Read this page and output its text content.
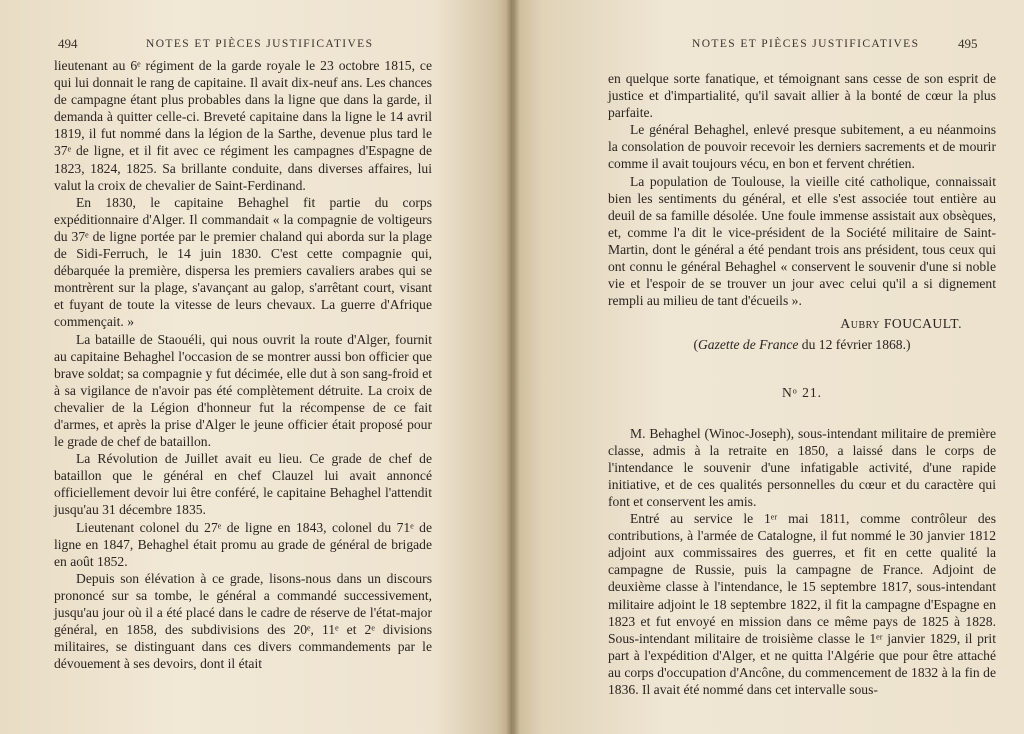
494	NOTES ET PIÈCES JUSTIFICATIVES

lieutenant au 6ᵉ régiment de la garde royale le 23 octobre 1815, ce qui lui donnait le rang de capitaine. Il avait dix-neuf ans. Les chances de campagne étant plus probables dans la ligne que dans la garde, il demanda à quitter celle-ci. Breveté capitaine dans la ligne le 14 avril 1819, il fut nommé dans la légion de la Sarthe, devenue plus tard le 37ᵉ de ligne, et il fit avec ce régiment les campagnes d'Espagne de 1823, 1824, 1825. Sa brillante conduite, dans diverses affaires, lui valut la croix de chevalier de Saint-Ferdinand.

En 1830, le capitaine Behaghel fit partie du corps expéditionnaire d'Alger. Il commandait « la compagnie de voltigeurs du 37ᵉ de ligne portée par le premier chaland qui aborda sur la plage de Sidi-Ferruch, le 14 juin 1830. C'est cette compagnie qui, débarquée la première, dispersa les premiers cavaliers arabes qui se montrèrent sur la plage, s'avançant au galop, s'arrêtant court, visant et fuyant de toute la vitesse de leurs chevaux. La guerre d'Afrique commençait. »

La bataille de Staouéli, qui nous ouvrit la route d'Alger, fournit au capitaine Behaghel l'occasion de se montrer aussi bon officier que brave soldat; sa compagnie y fut décimée, elle dut à son sang-froid et à sa vigilance de n'avoir pas été complètement détruite. La croix de chevalier de la Légion d'honneur fut la récompense de ce fait d'armes, et après la prise d'Alger le jeune officier était proposé pour le grade de chef de bataillon.

La Révolution de Juillet avait eu lieu. Ce grade de chef de bataillon que le général en chef Clauzel lui avait annoncé officiellement devoir lui être conféré, le capitaine Behaghel l'attendit jusqu'au 31 décembre 1835.

Lieutenant colonel du 27ᵉ de ligne en 1843, colonel du 71ᵉ de ligne en 1847, Behaghel était promu au grade de général de brigade en août 1852.

Depuis son élévation à ce grade, lisons-nous dans un discours prononcé sur sa tombe, le général a commandé successivement, jusqu'au jour où il a été placé dans le cadre de réserve de l'état-major général, en 1858, des subdivisions des 20ᵉ, 11ᵉ et 2ᵉ divisions militaires, se distinguant dans ces divers commandements par le dévouement à ses devoirs, dont il était

NOTES ET PIÈCES JUSTIFICATIVES	495

en quelque sorte fanatique, et témoignant sans cesse de son esprit de justice et d'impartialité, qu'il savait allier à la bonté de cœur la plus parfaite.

Le général Behaghel, enlevé presque subitement, a eu néanmoins la consolation de pouvoir recevoir les derniers sacrements et de mourir comme il avait toujours vécu, en bon et fervent chrétien.

La population de Toulouse, la vieille cité catholique, connaissait bien les sentiments du général, et elle s'est associée tout entière au deuil de sa famille désolée. Une foule immense assistait aux obsèques, et, comme l'a dit le vice-président de la Société militaire de Saint-Martin, dont le général a été pendant trois ans président, tous ceux qui ont connu le général Behaghel « conservent le souvenir d'une si noble vie et l'espoir de se trouver un jour avec celui qu'il a si dignement rempli au milieu de tant d'écueils ».

Aubry FOUCAULT.
(Gazette de France du 12 février 1868.)
Nᵒ 21.

M. Behaghel (Winoc-Joseph), sous-intendant militaire de première classe, admis à la retraite en 1850, a laissé dans le corps de l'intendance le souvenir d'une infatigable activité, d'une rapide initiative, et de ces qualités personnelles du cœur et du caractère qui font et conservent les amis.

Entré au service le 1ᵉʳ mai 1811, comme contrôleur des contributions, à l'armée de Catalogne, il fut nommé le 30 janvier 1812 adjoint aux commissaires des guerres, et fit en cette qualité la campagne de Russie, puis la campagne de France. Adjoint de deuxième classe à l'intendance, le 15 septembre 1817, sous-intendant militaire adjoint le 18 septembre 1822, il fit la campagne d'Espagne en 1823 et fut envoyé en mission dans ce même pays de 1825 à 1828. Sous-intendant militaire de troisième classe le 1ᵉʳ janvier 1829, il prit part à l'expédition d'Alger, et ne quitta l'Algérie que pour être attaché au corps d'occupation d'Ancône, du commencement de 1832 à la fin de 1836. Il avait été nommé dans cet intervalle sous-
